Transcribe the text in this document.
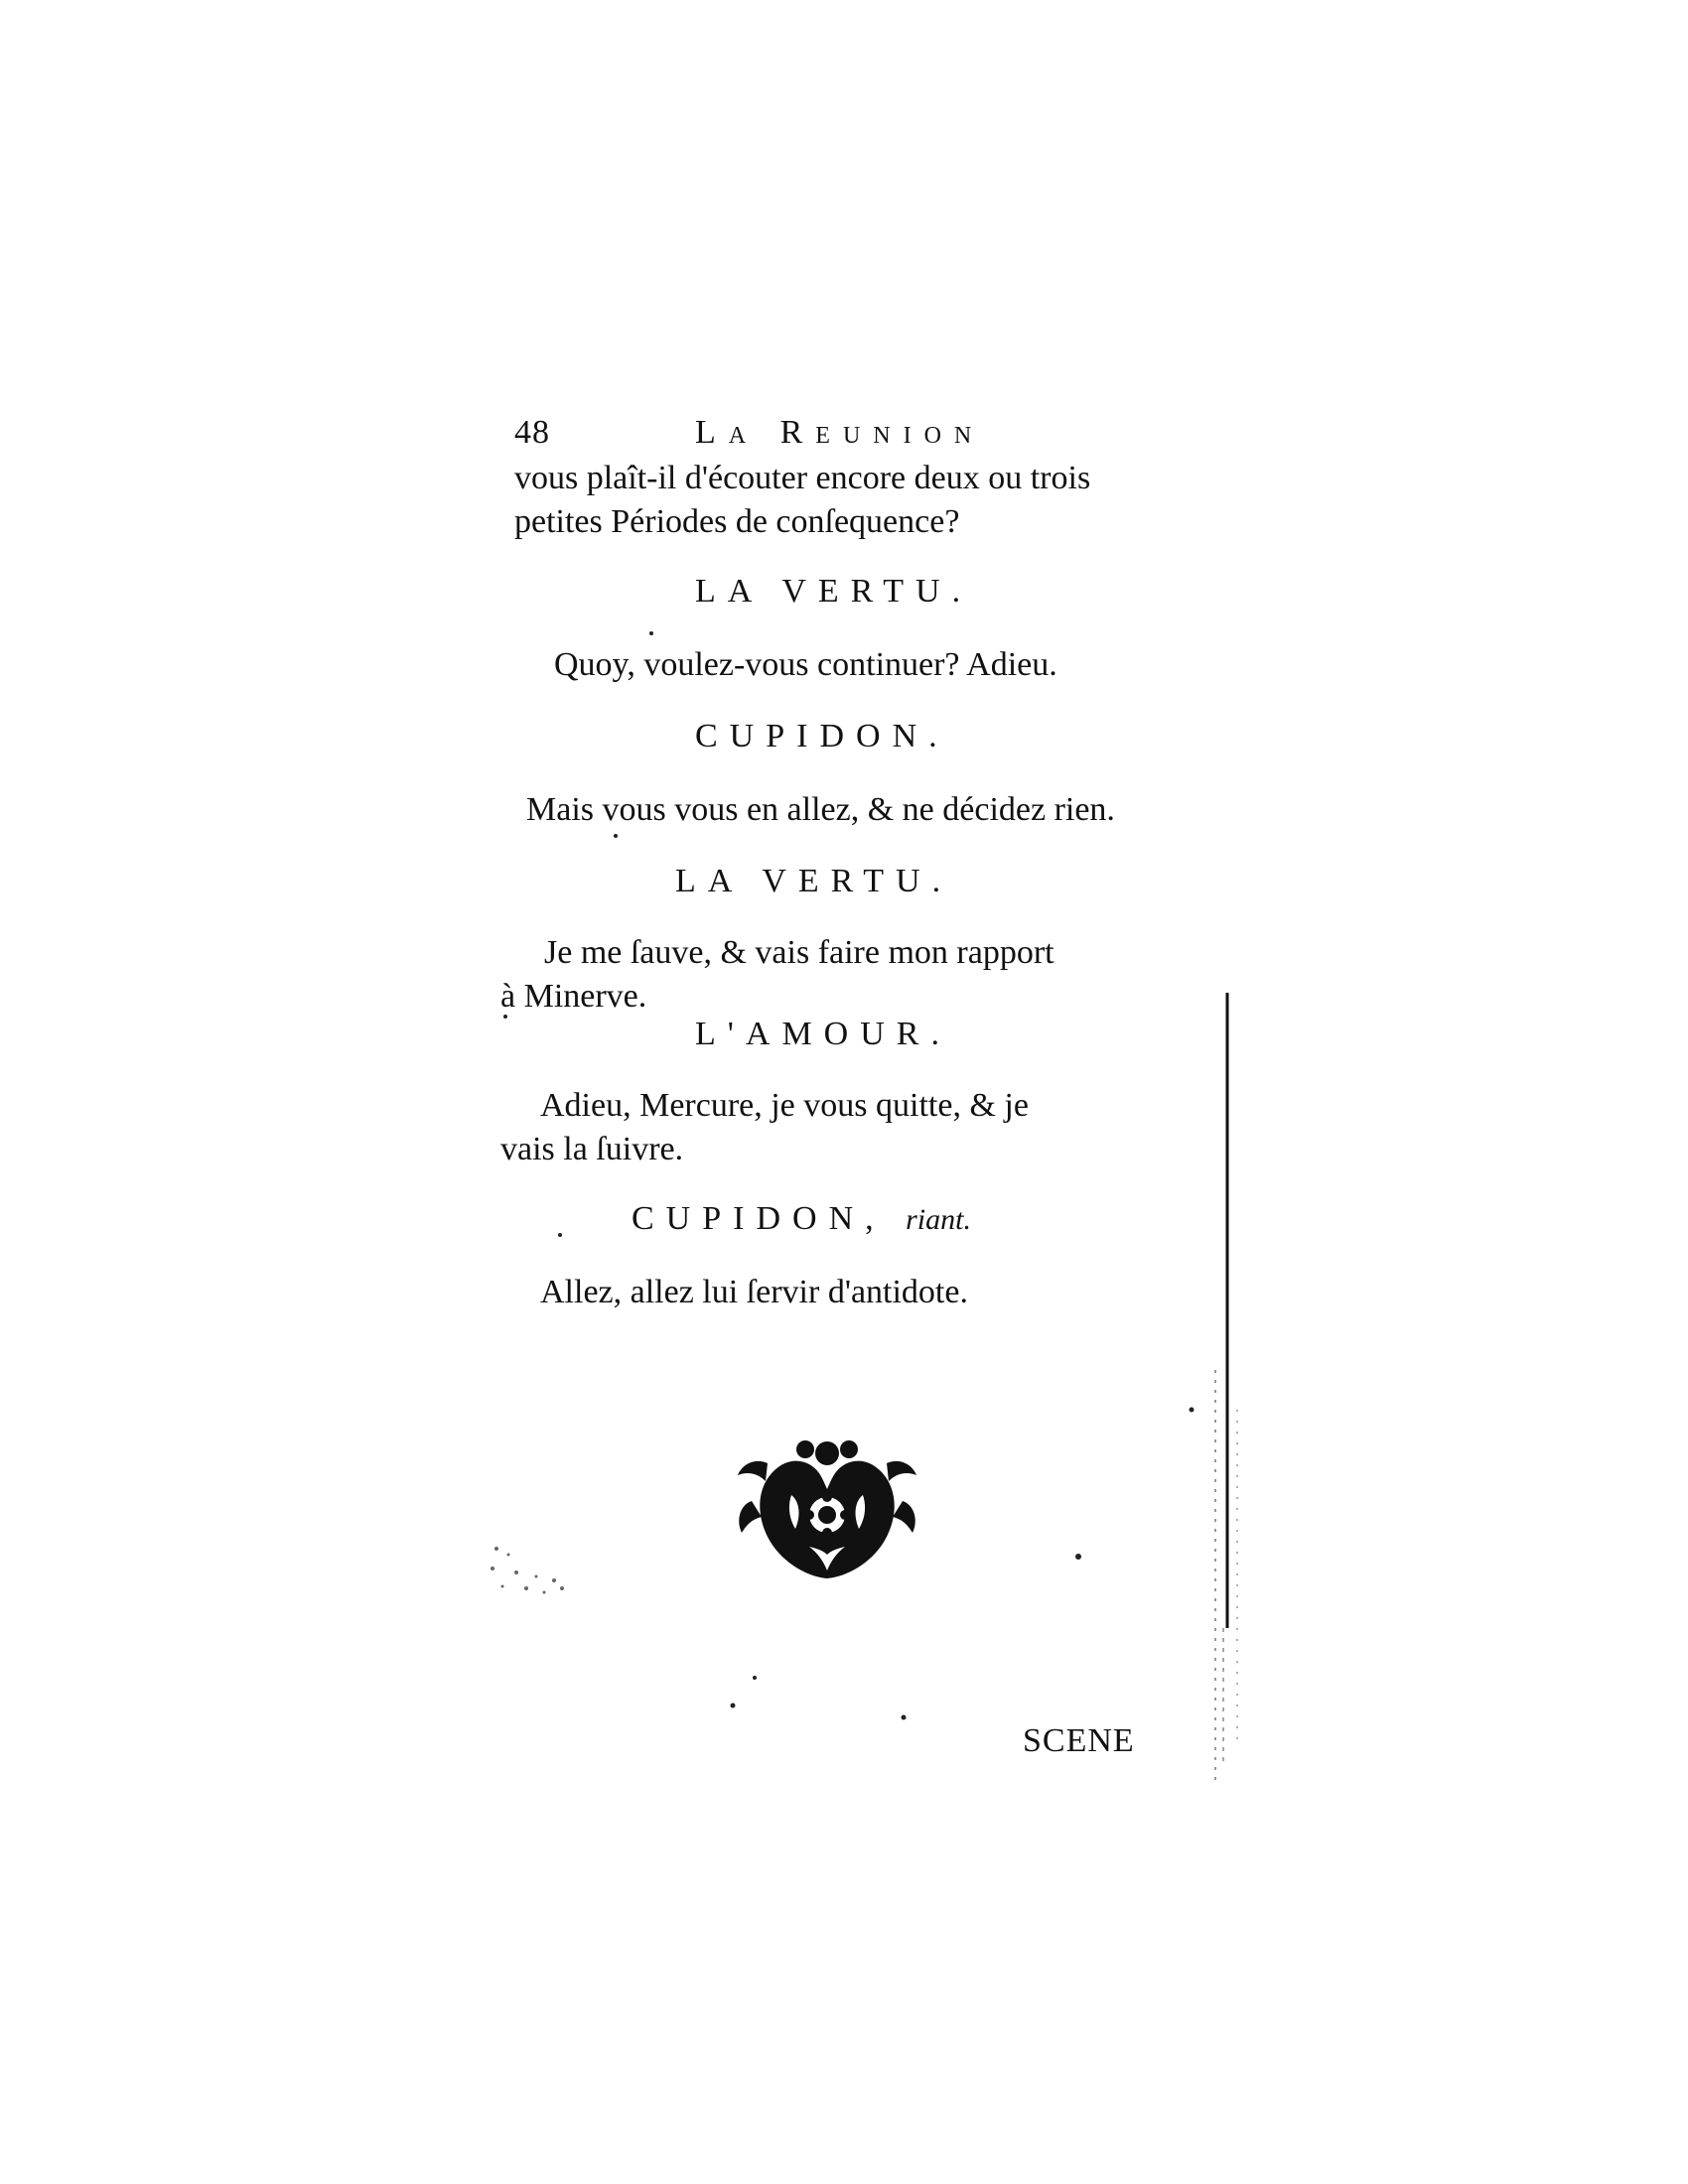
48	La Reunion
vous plaît-il d'écouter encore deux ou trois
petites Périodes de conſequence?
LA VERTU.
Quoy, voulez-vous continuer? Adieu.
CUPIDON.
Mais vous vous en allez, & ne décidez rien.
LA VERTU.
Je me ſauve, & vais faire mon rapport
à Minerve.
L'AMOUR.
Adieu, Mercure, je vous quitte, & je
vais la ſuivre.
CUPIDON, riant.
Allez, allez lui ſervir d'antidote.
SCENE
